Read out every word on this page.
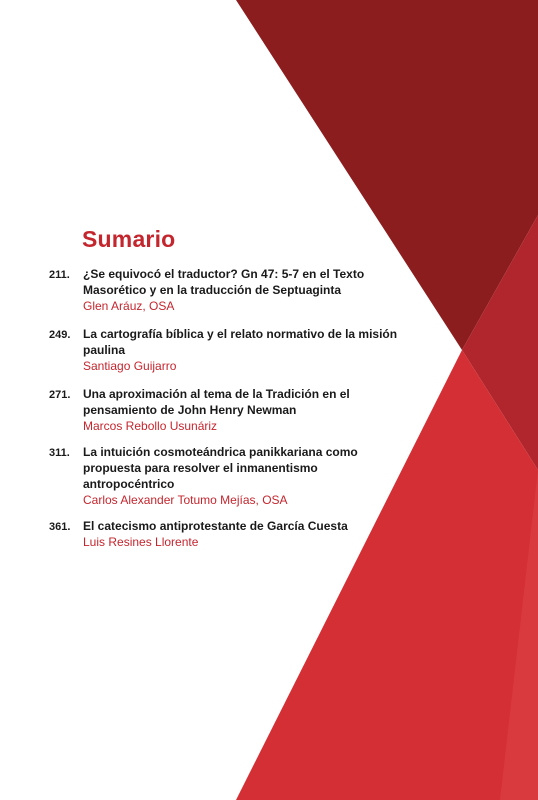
Sumario
211.	¿Se equivocó el traductor? Gn 47: 5-7 en el Texto
Masorético y en la traducción de Septuaginta
Glen Aráuz, OSA
249.	La cartografía bíblica y el relato normativo de la misión
paulina
Santiago Guijarro
271.	Una aproximación al tema de la Tradición en el
pensamiento de John Henry Newman
Marcos Rebollo Usunáriz
311.	La intuición cosmoteándrica panikkariana como
propuesta para resolver el inmanentismo
antropocéntrico
Carlos Alexander Totumo Mejías, OSA
361.	El catecismo antiprotestante de García Cuesta
Luis Resines Llorente
